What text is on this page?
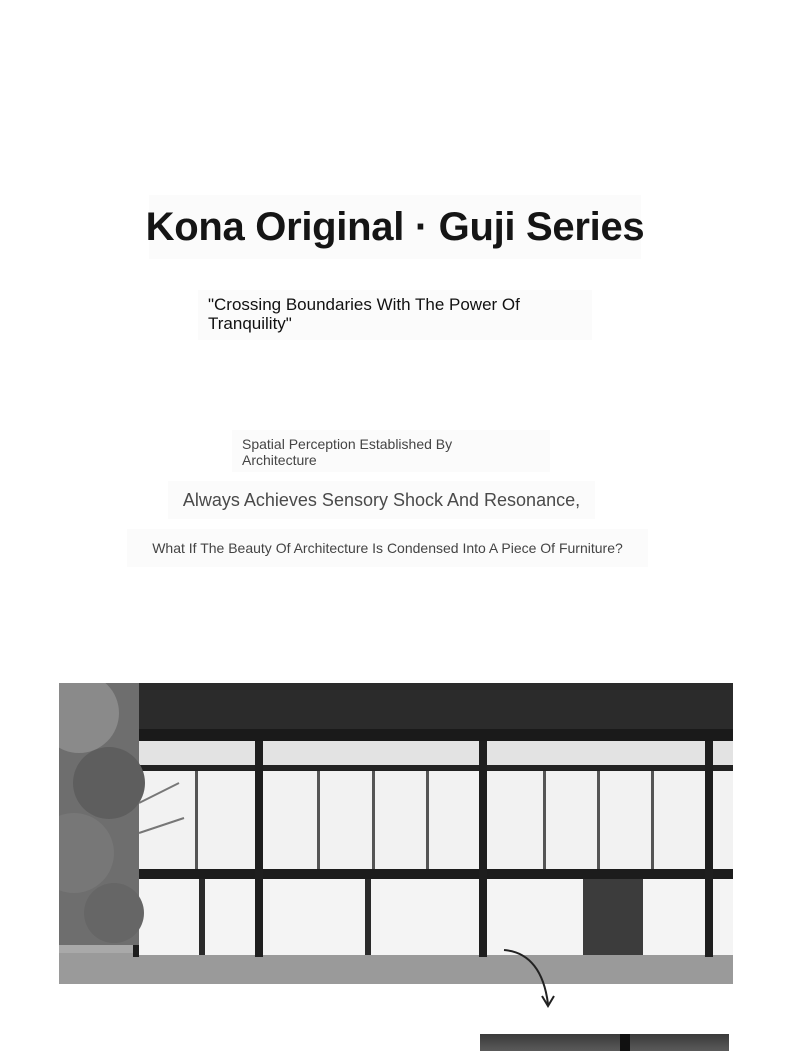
Kona Original · Guji Series

"Crossing Boundaries With The Power Of Tranquility"

Spatial Perception Established By Architecture

Always Achieves Sensory Shock And Resonance,

What If The Beauty Of Architecture Is Condensed Into A Piece Of Furniture?
